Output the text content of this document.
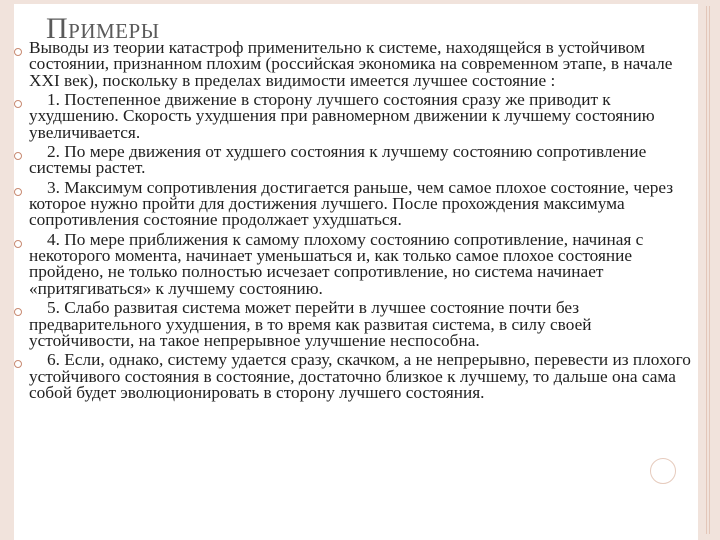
Примеры
Выводы из теории катастроф применительно к системе, находящейся в устойчивом состоянии, признанном плохим (российская экономика на современном этапе, в начале XXI век), поскольку в пределах видимости имеется лучшее состояние :
1. Постепенное движение в сторону лучшего состояния сразу же приводит к ухудшению. Скорость ухудшения при равномерном движении к лучшему состоянию увеличивается.
2. По мере движения от худшего состояния к лучшему состоянию сопротивление системы растет.
3. Максимум сопротивления достигается раньше, чем самое плохое состояние, через которое нужно пройти для достижения лучшего. После прохождения максимума сопротивления состояние продолжает ухудшаться.
4. По мере приближения к самому плохому состоянию сопротивление, начиная с некоторого момента, начинает уменьшаться и, как только самое плохое состояние пройдено, не только полностью исчезает сопротивление, но система начинает «притягиваться» к лучшему состоянию.
5. Слабо развитая система может перейти в лучшее состояние почти без предварительного ухудшения, в то время как развитая система, в силу своей устойчивости, на такое непрерывное улучшение неспособна.
6. Если, однако, систему удается сразу, скачком, а не непрерывно, перевести из плохого устойчивого состояния в состояние, достаточно близкое к лучшему, то дальше она сама собой будет эволюционировать в сторону лучшего состояния.
